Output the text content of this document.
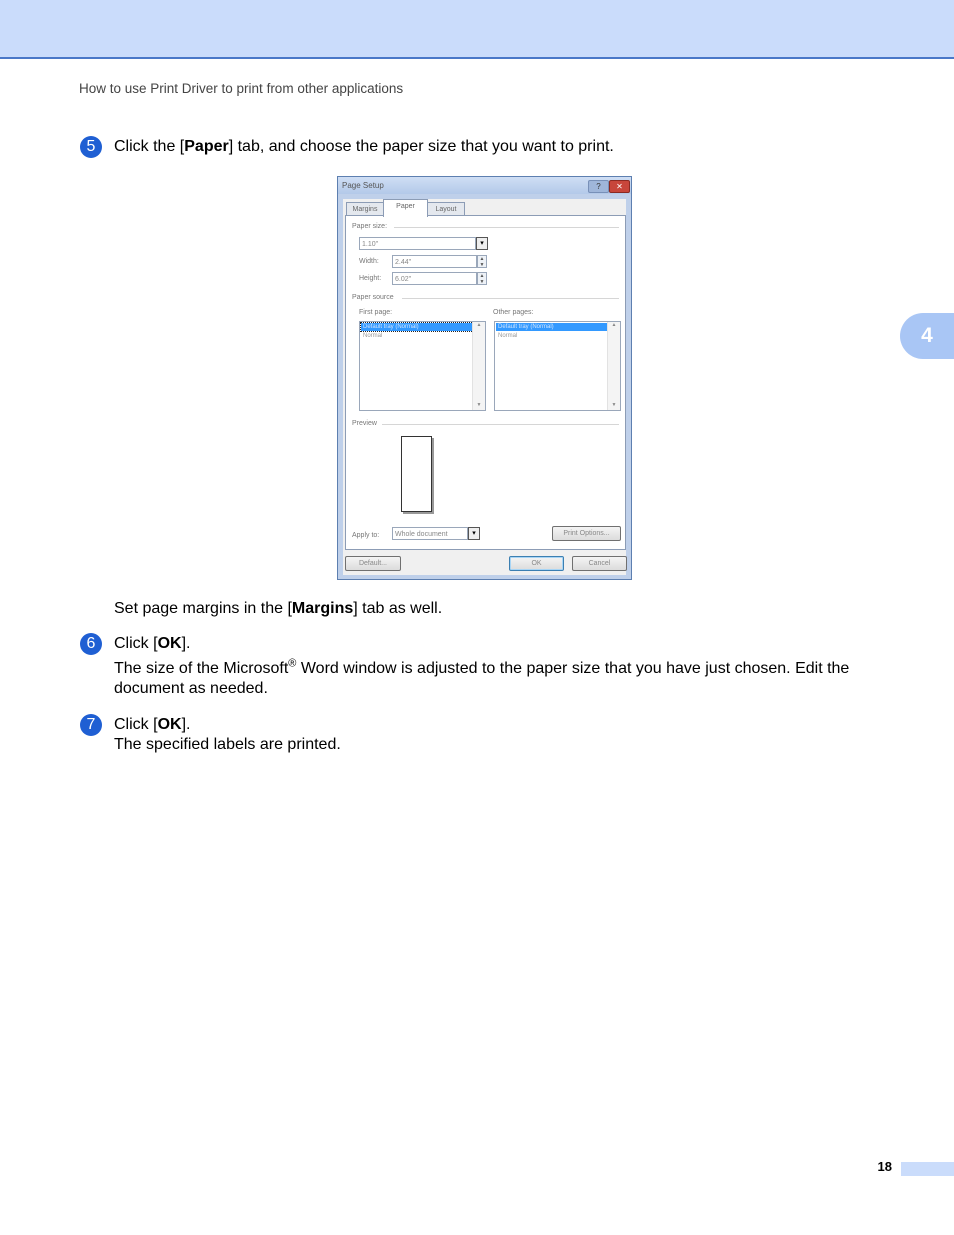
How to use Print Driver to print from other applications
4
5	Click the [Paper] tab, and choose the paper size that you want to print.
Page Setup	?	✕
Margins	Paper	Layout
Paper size:
1.10"	▾
Width:	2.44"	▲
▼
Height:	6.02"	▲
▼
Paper source
First page:
Default tray (Normal)
Normal
▲
▼
Other pages:
Default tray (Normal)
Normal
▲
▼
Preview
Apply to:	Whole document	▾	Print Options...
Default...	OK	Cancel
Set page margins in the [Margins] tab as well.
6	Click [OK].
The size of the Microsoft® Word window is adjusted to the paper size that you have just chosen. Edit the document as needed.
7	Click [OK].
The specified labels are printed.
18
